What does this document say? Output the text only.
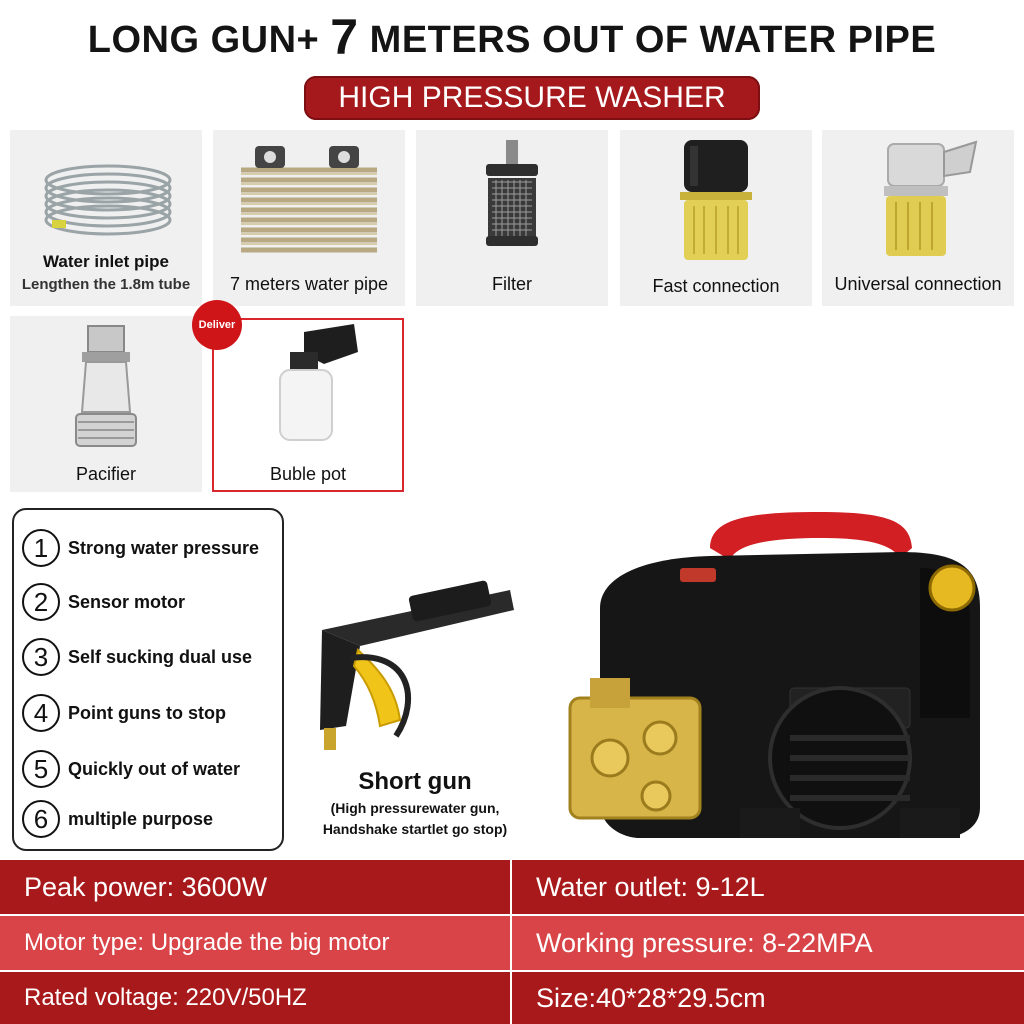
LONG GUN+ 7 METERS OUT OF WATER PIPE
HIGH PRESSURE WASHER
Water inlet pipe
Lengthen the 1.8m tube	7 meters water pipe	Filter	Fast connection	Universal connection
Pacifier	Buble pot
Deliver
1	Strong water pressure
2	Sensor motor
3	Self sucking dual use
4	Point guns to stop
5	Quickly out of water
6	multiple purpose
Short gun
(High pressurewater gun,
Handshake startlet go stop)
Peak power: 3600W	Water outlet: 9-12L
Motor type: Upgrade the big motor	Working pressure: 8-22MPA
Rated voltage: 220V/50HZ	Size:40*28*29.5cm
